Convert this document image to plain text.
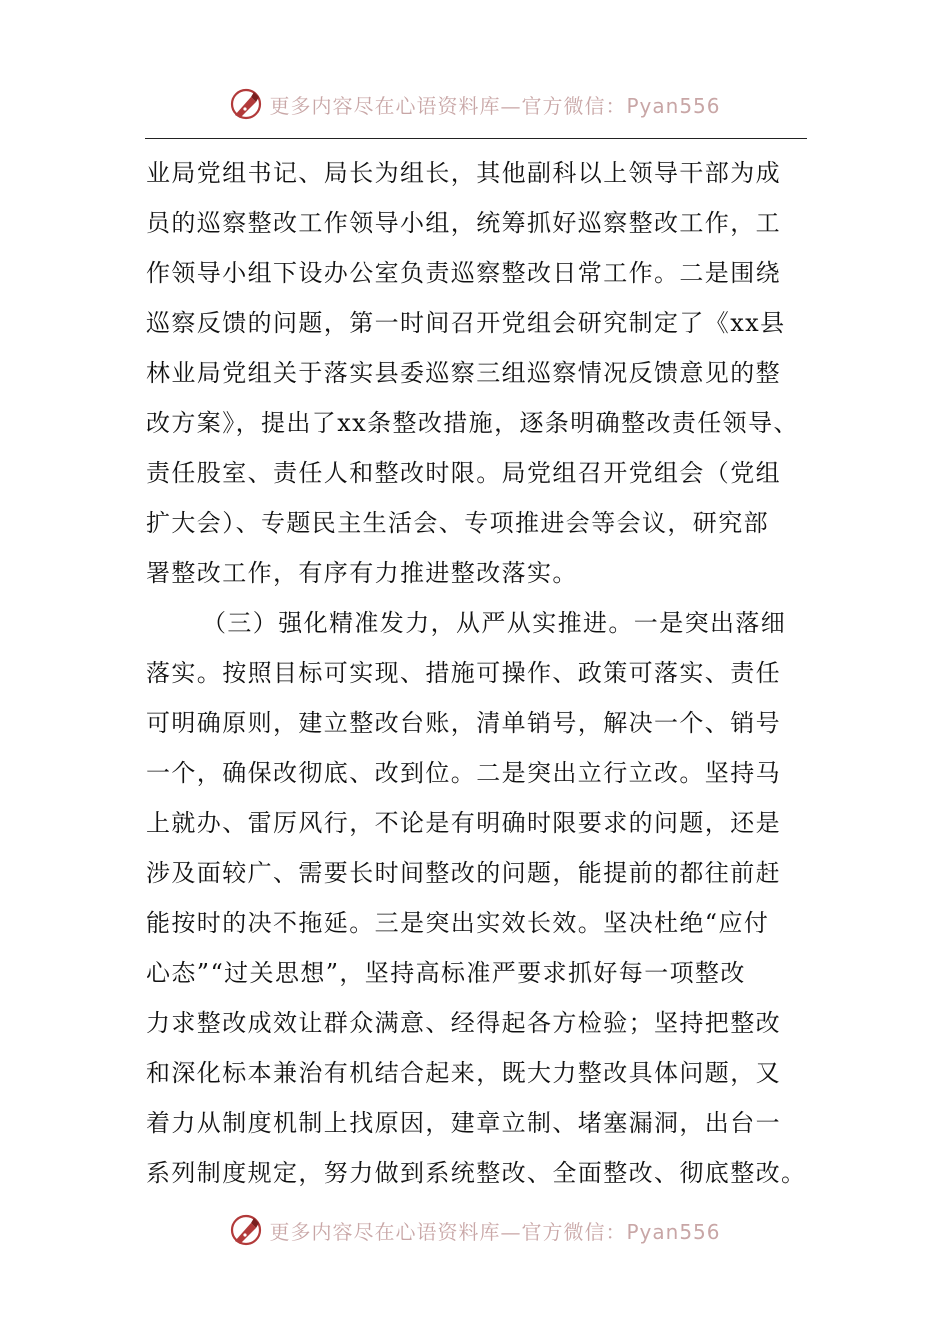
更多内容尽在心语资料库—官方微信：Pyan556
业局党组书记、局长为组长，其他副科以上领导干部为成
员的巡察整改工作领导小组，统筹抓好巡察整改工作，工
作领导小组下设办公室负责巡察整改日常工作。二是围绕
巡察反馈的问题，第一时间召开党组会研究制定了《xx县
林业局党组关于落实县委巡察三组巡察情况反馈意见的整
改方案》，提出了xx条整改措施，逐条明确整改责任领导、
责任股室、责任人和整改时限。局党组召开党组会（党组
扩大会）、专题民主生活会、专项推进会等会议，研究部
署整改工作，有序有力推进整改落实。
（三）强化精准发力，从严从实推进。一是突出落细
落实。按照目标可实现、措施可操作、政策可落实、责任
可明确原则，建立整改台账，清单销号，解决一个、销号
一个，确保改彻底、改到位。二是突出立行立改。坚持马
上就办、雷厉风行，不论是有明确时限要求的问题，还是
涉及面较广、需要长时间整改的问题，能提前的都往前赶
能按时的决不拖延。三是突出实效长效。坚决杜绝“应付
心态”“过关思想”，坚持高标准严要求抓好每一项整改
力求整改成效让群众满意、经得起各方检验；坚持把整改
和深化标本兼治有机结合起来，既大力整改具体问题，又
着力从制度机制上找原因，建章立制、堵塞漏洞，出台一
系列制度规定，努力做到系统整改、全面整改、彻底整改。
更多内容尽在心语资料库—官方微信：Pyan556
